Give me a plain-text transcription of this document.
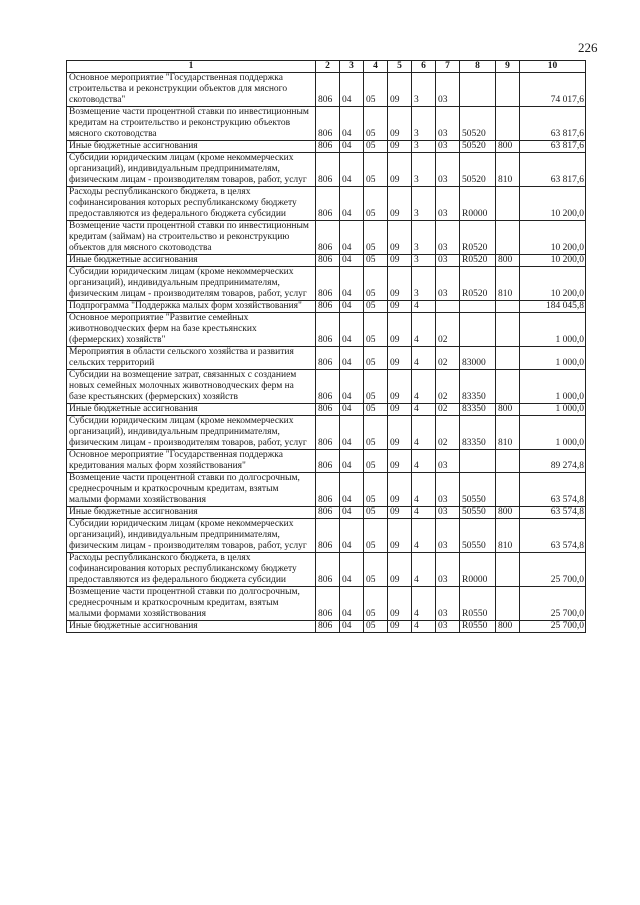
226
1	2	3	4	5	6	7	8	9	10
Основное мероприятие "Государственная поддержка строительства и реконструкции объектов для мясного скотоводства"	806	04	05	09	3	03			74 017,6
Возмещение части процентной ставки по инвестиционным кредитам на строительство и реконструкцию объектов мясного скотоводства	806	04	05	09	3	03	50520		63 817,6
Иные бюджетные ассигнования	806	04	05	09	3	03	50520	800	63 817,6
Субсидии юридическим лицам (кроме некоммерческих организаций), индивидуальным предпринимателям, физическим лицам - производителям товаров, работ, услуг	806	04	05	09	3	03	50520	810	63 817,6
Расходы республиканского бюджета, в целях софинансирования которых республиканскому бюджету предоставляются из федерального бюджета субсидии	806	04	05	09	3	03	R0000		10 200,0
Возмещение части процентной ставки по инвестиционным кредитам (займам) на строительство и реконструкцию объектов для мясного скотоводства	806	04	05	09	3	03	R0520		10 200,0
Иные бюджетные ассигнования	806	04	05	09	3	03	R0520	800	10 200,0
Субсидии юридическим лицам (кроме некоммерческих организаций), индивидуальным предпринимателям, физическим лицам - производителям товаров, работ, услуг	806	04	05	09	3	03	R0520	810	10 200,0
Подпрограмма "Поддержка малых форм хозяйствования"	806	04	05	09	4				184 045,8
Основное мероприятие "Развитие семейных животноводческих ферм на базе крестьянских (фермерских) хозяйств"	806	04	05	09	4	02			1 000,0
Мероприятия в области сельского хозяйства и развития сельских территорий	806	04	05	09	4	02	83000		1 000,0
Субсидии на возмещение затрат, связанных с созданием новых семейных молочных животноводческих ферм на базе крестьянских (фермерских) хозяйств	806	04	05	09	4	02	83350		1 000,0
Иные бюджетные ассигнования	806	04	05	09	4	02	83350	800	1 000,0
Субсидии юридическим лицам (кроме некоммерческих организаций), индивидуальным предпринимателям, физическим лицам - производителям товаров, работ, услуг	806	04	05	09	4	02	83350	810	1 000,0
Основное мероприятие "Государственная поддержка кредитования малых форм хозяйствования"	806	04	05	09	4	03			89 274,8
Возмещение части процентной ставки по долгосрочным, среднесрочным и краткосрочным кредитам, взятым малыми формами хозяйствования	806	04	05	09	4	03	50550		63 574,8
Иные бюджетные ассигнования	806	04	05	09	4	03	50550	800	63 574,8
Субсидии юридическим лицам (кроме некоммерческих организаций), индивидуальным предпринимателям, физическим лицам - производителям товаров, работ, услуг	806	04	05	09	4	03	50550	810	63 574,8
Расходы республиканского бюджета, в целях софинансирования которых республиканскому бюджету предоставляются из федерального бюджета субсидии	806	04	05	09	4	03	R0000		25 700,0
Возмещение части процентной ставки по долгосрочным, среднесрочным и краткосрочным кредитам, взятым малыми формами хозяйствования	806	04	05	09	4	03	R0550		25 700,0
Иные бюджетные ассигнования	806	04	05	09	4	03	R0550	800	25 700,0
